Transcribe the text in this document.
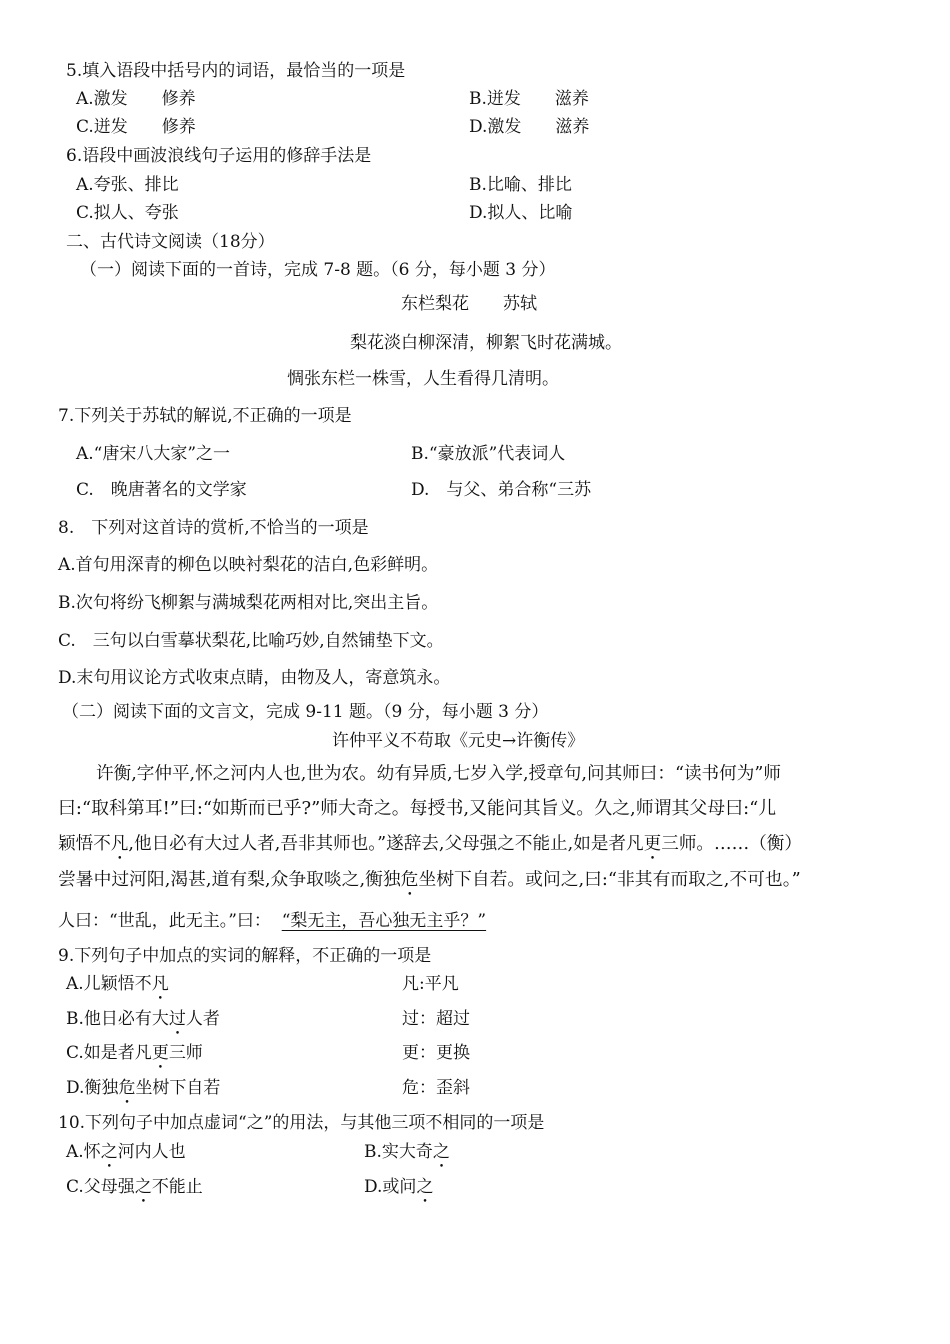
5.填入语段中括号内的词语，最恰当的一项是
A.激发　　修养	B.迸发　　滋养
C.迸发　　修养	D.激发　　滋养
6.语段中画波浪线句子运用的修辞手法是
A.夸张、排比	B.比喻、排比
C.拟人、夸张	D.拟人、比喻
二、古代诗文阅读（18分）
（一）阅读下面的一首诗，完成 7-8 题。（6 分，每小题 3 分）
东栏梨花　　苏轼
梨花淡白柳深清，柳絮飞时花满城。
惆张东栏一株雪，人生看得几清明。
7.下列关于苏轼的解说,不正确的一项是
A.“唐宋八大家”之一	B.“豪放派”代表词人
C.　晚唐著名的文学家	D.　与父、弟合称“三苏
8.　下列对这首诗的赏析,不恰当的一项是
A.首句用深青的柳色以映衬梨花的洁白,色彩鲜明。
B.次句将纷飞柳絮与满城梨花两相对比,突出主旨。
C.　三句以白雪摹状梨花,比喻巧妙,自然铺垫下文。
D.末句用议论方式收束点睛，由物及人，寄意筑永。
（二）阅读下面的文言文，完成 9-11 题。（9 分，每小题 3 分）
许仲平义不苟取《元史→许衡传》
许衡,字仲平,怀之河内人也,世为农。幼有异质,七岁入学,授章句,问其师曰：“读书何为”师
曰:“取科第耳!”曰:“如斯而已乎?”师大奇之。每授书,又能问其旨义。久之,师谓其父母曰:“儿
颖悟不凡,他日必有大过人者,吾非其师也。”遂辞去,父母强之不能止,如是者凡更三师。……（衡）
尝暑中过河阳,渴甚,道有梨,众争取啖之,衡独危坐树下自若。或问之,曰:“非其有而取之,不可也。”
人曰：“世乱，此无主。”曰： “梨无主，吾心独无主乎？”
9.下列句子中加点的实词的解释，不正确的一项是
A.儿颖悟不凡	凡:平凡
B.他日必有大过人者	过：超过
C.如是者凡更三师	更：更换
D.衡独危坐树下自若	危：歪斜
10.下列句子中加点虚词“之”的用法，与其他三项不相同的一项是
A.怀之河内人也	B.实大奇之
C.父母强之不能止	D.或问之
